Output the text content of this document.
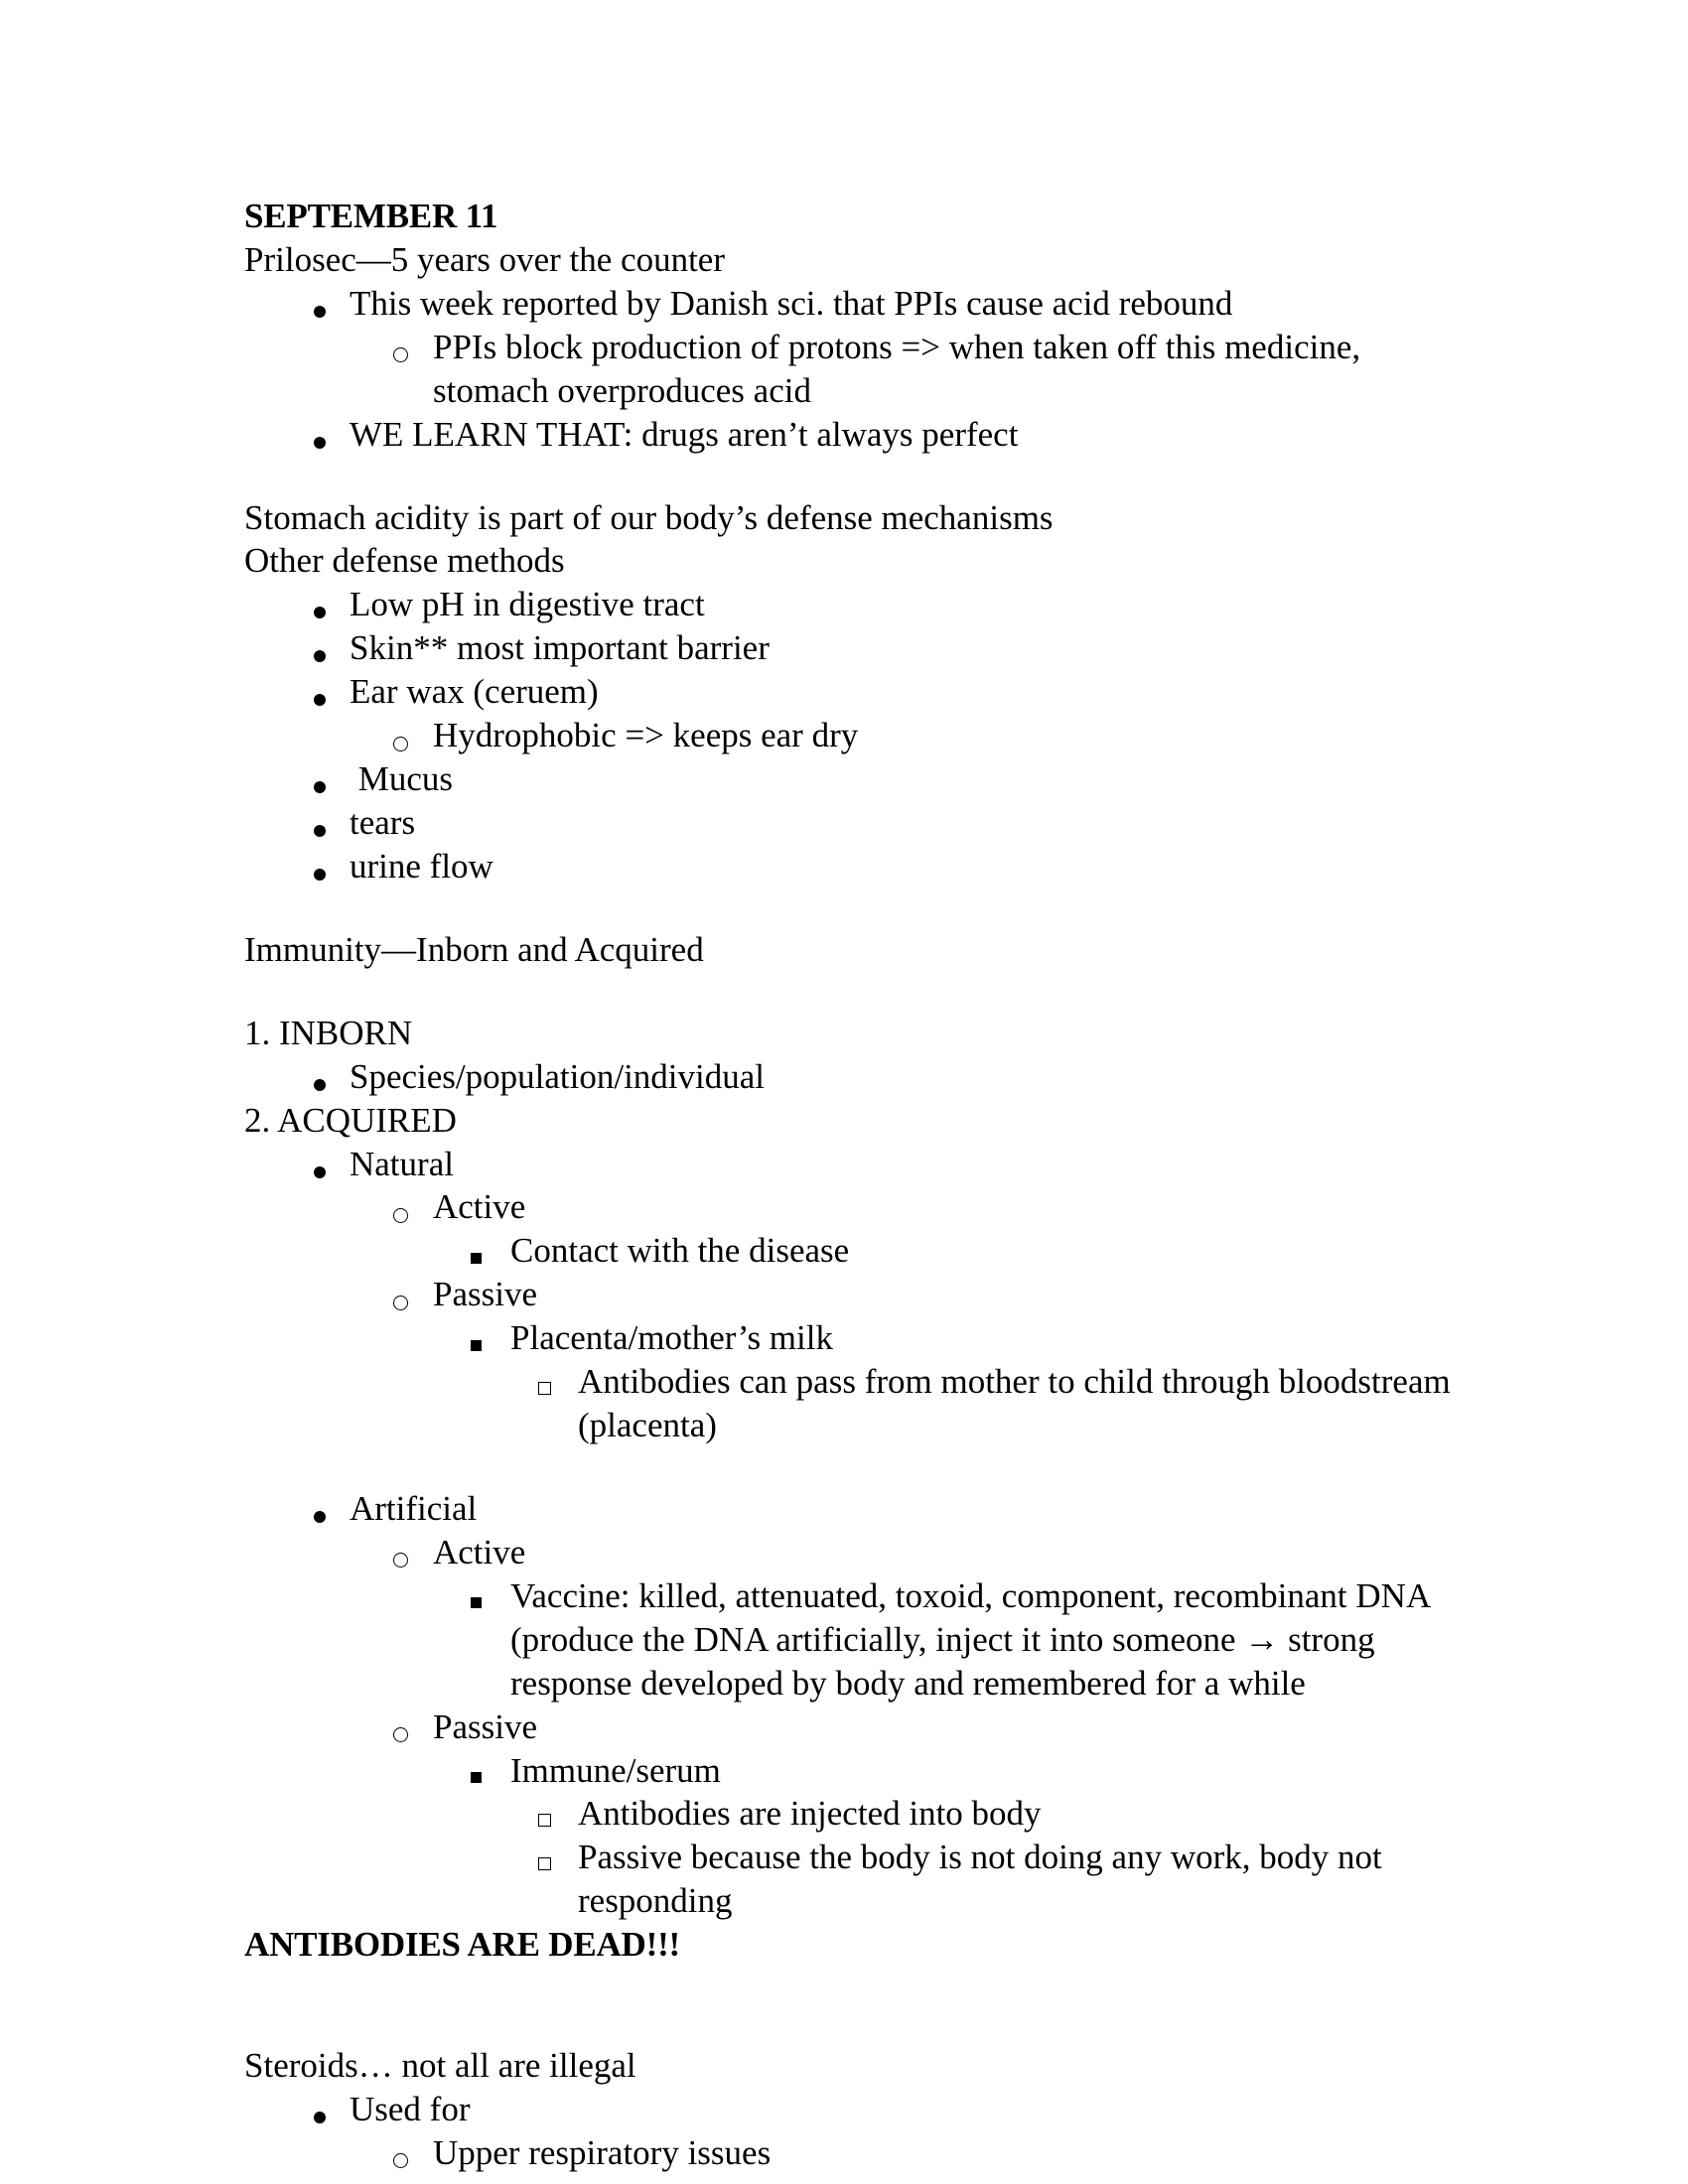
SEPTEMBER 11
Prilosec—5 years over the counter
This week reported by Danish sci. that PPIs cause acid rebound
PPIs block production of protons => when taken off this medicine, stomach overproduces acid
WE LEARN THAT: drugs aren’t always perfect
Stomach acidity is part of our body’s defense mechanisms
Other defense methods
Low pH in digestive tract
Skin** most important barrier
Ear wax (ceruem)
Hydrophobic => keeps ear dry
Mucus
tears
urine flow
Immunity—Inborn and Acquired
1. INBORN
Species/population/individual
2. ACQUIRED
Natural
Active
Contact with the disease
Passive
Placenta/mother’s milk
Antibodies can pass from mother to child through bloodstream (placenta)
Artificial
Active
Vaccine: killed, attenuated, toxoid, component, recombinant DNA (produce the DNA artificially, inject it into someone → strong response developed by body and remembered for a while
Passive
Immune/serum
Antibodies are injected into body
Passive because the body is not doing any work, body not responding
ANTIBODIES ARE DEAD!!!
Steroids… not all are illegal
Used for
Upper respiratory issues
